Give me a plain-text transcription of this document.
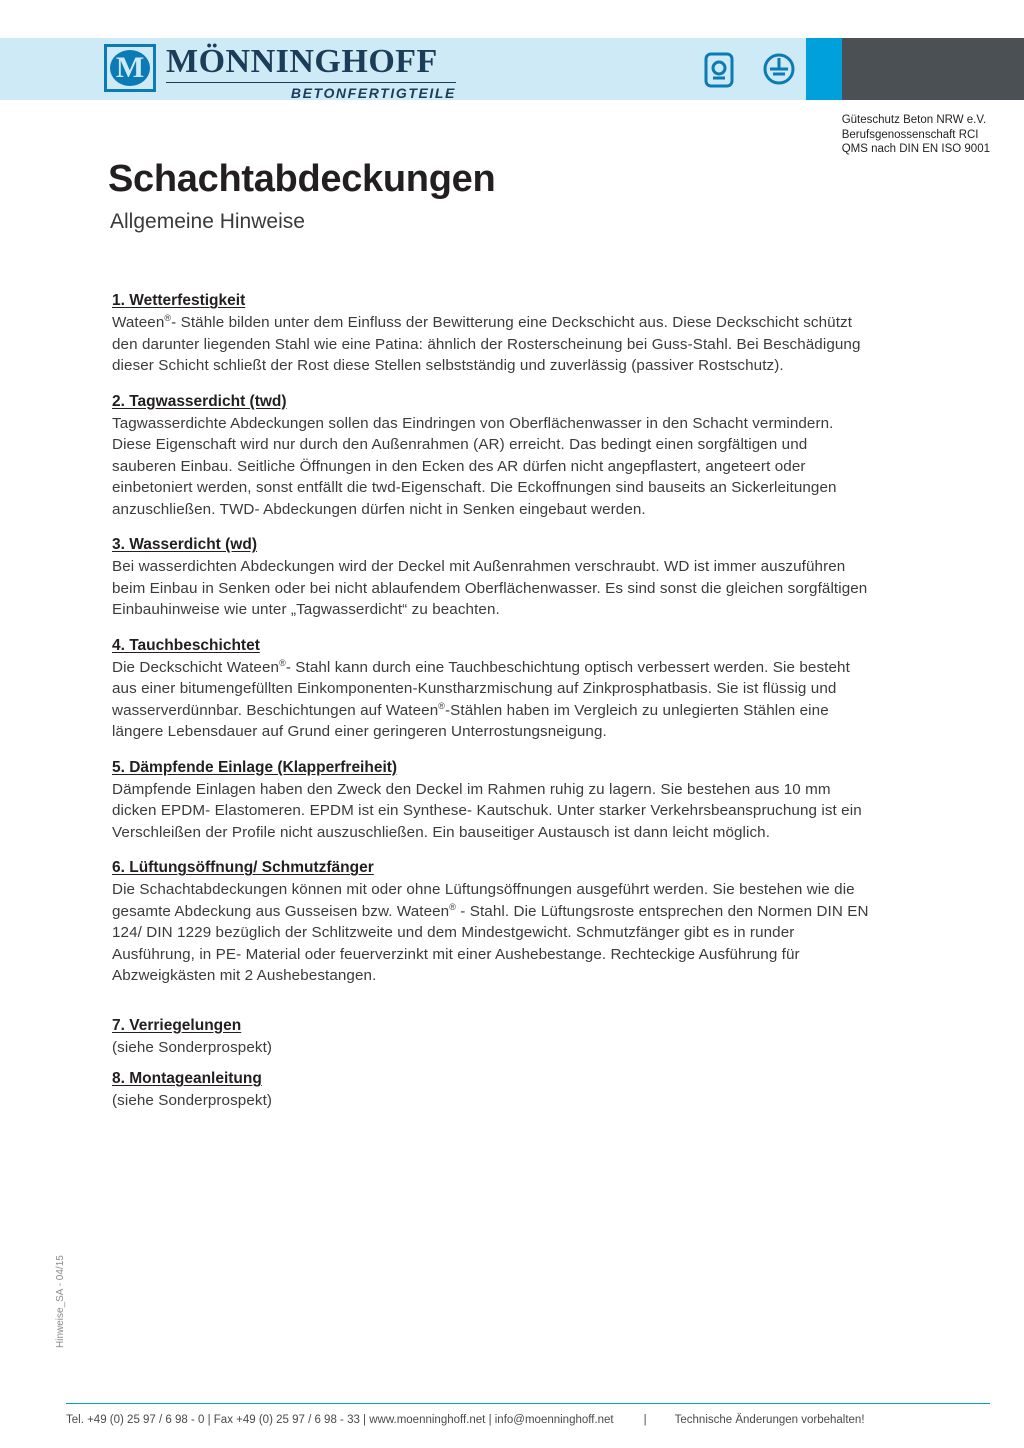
M MÖNNINGHOFF
BETONFERTIGTEILE
Güteschutz Beton NRW e.V.
Berufsgenossenschaft RCI
QMS nach DIN EN ISO 9001
Schachtabdeckungen
Allgemeine Hinweise
1. Wetterfestigkeit

Wateen®- Stähle bilden unter dem Einfluss der Bewitterung eine Deckschicht aus. Diese Deckschicht schützt den darunter liegenden Stahl wie eine Patina: ähnlich der Rosterscheinung bei Guss-Stahl. Bei Beschädigung dieser Schicht schließt der Rost diese Stellen selbstständig und zuverlässig (passiver Rostschutz).

2. Tagwasserdicht (twd)

Tagwasserdichte Abdeckungen sollen das Eindringen von Oberflächenwasser in den Schacht vermindern. Diese Eigenschaft wird nur durch den Außenrahmen (AR) erreicht. Das bedingt einen sorgfältigen und sauberen Einbau. Seitliche Öffnungen in den Ecken des AR dürfen nicht angepflastert, angeteert oder einbetoniert werden, sonst entfällt die twd-Eigenschaft. Die Eckoffnungen sind bauseits an Sickerleitungen anzuschließen. TWD- Abdeckungen dürfen nicht in Senken eingebaut werden.

3. Wasserdicht (wd)

Bei wasserdichten Abdeckungen wird der Deckel mit Außenrahmen verschraubt. WD ist immer auszuführen beim Einbau in Senken oder bei nicht ablaufendem Oberflächenwasser. Es sind sonst die gleichen sorgfältigen Einbauhinweise wie unter „Tagwasserdicht“ zu beachten.

4. Tauchbeschichtet

Die Deckschicht Wateen®- Stahl kann durch eine Tauchbeschichtung optisch verbessert werden. Sie besteht aus einer bitumengefüllten Einkomponenten-Kunstharzmischung auf Zinkprosphatbasis. Sie ist flüssig und wasserverdünnbar. Beschichtungen auf Wateen®-Stählen haben im Vergleich zu unlegierten Stählen eine längere Lebensdauer auf Grund einer geringeren Unterrostungsneigung.

5. Dämpfende Einlage (Klapperfreiheit)

Dämpfende Einlagen haben den Zweck den Deckel im Rahmen ruhig zu lagern. Sie bestehen aus 10 mm dicken EPDM- Elastomeren. EPDM ist ein Synthese- Kautschuk. Unter starker Verkehrsbeanspruchung ist ein Verschleißen der Profile nicht auszuschließen. Ein bauseitiger Austausch ist dann leicht möglich.

6. Lüftungsöffnung/ Schmutzfänger

Die Schachtabdeckungen können mit oder ohne Lüftungsöffnungen ausgeführt werden. Sie bestehen wie die gesamte Abdeckung aus Gusseisen bzw. Wateen® - Stahl. Die Lüftungsroste entsprechen den Normen DIN EN 124/ DIN 1229 bezüglich der Schlitzweite und dem Mindestgewicht. Schmutzfänger gibt es in runder Ausführung, in PE- Material oder feuerverzinkt mit einer Aushebestange. Rechteckige Ausführung für Abzweigkästen mit 2 Aushebestangen.

7. Verriegelungen

(siehe Sonderprospekt)

8. Montageanleitung

(siehe Sonderprospekt)

Hinweise_SA - 04/15
Tel. +49 (0) 25 97 / 6 98 - 0 | Fax +49 (0) 25 97 / 6 98 - 33 | www.moenninghoff.net | info@moenninghoff.net	| Technische Änderungen vorbehalten!
